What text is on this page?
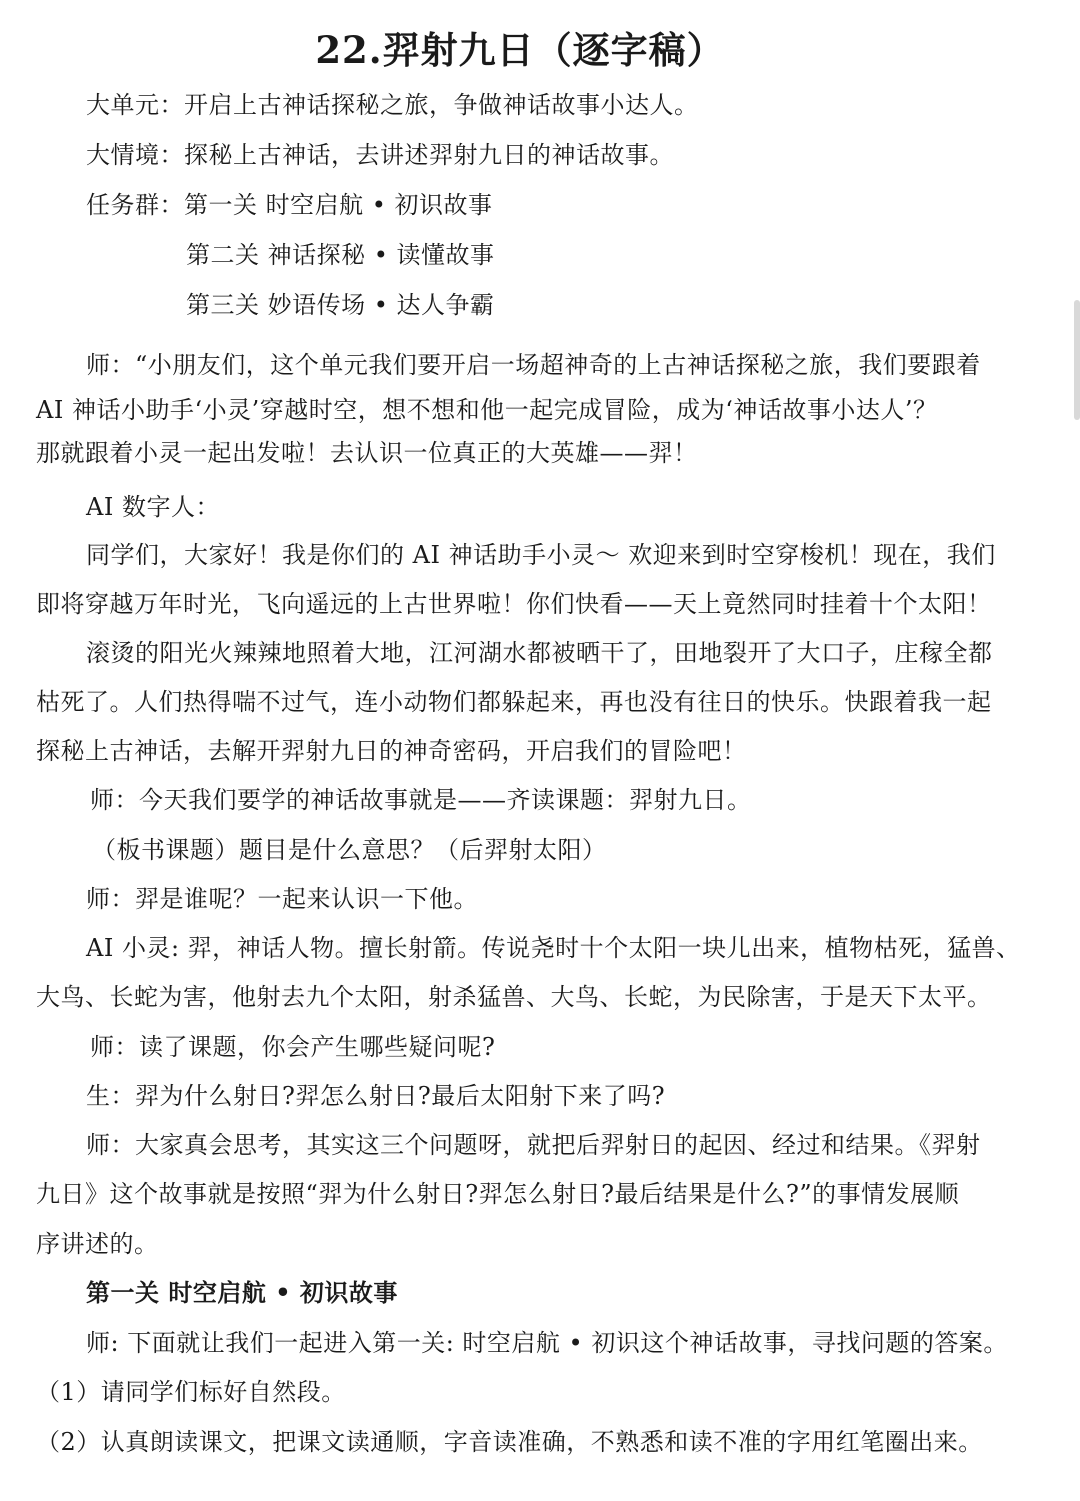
22.羿射九日（逐字稿）
大单元：开启上古神话探秘之旅，争做神话故事小达人。
大情境：探秘上古神话，去讲述羿射九日的神话故事。
任务群：第一关 时空启航 • 初识故事
第二关 神话探秘 • 读懂故事
第三关 妙语传场 • 达人争霸
师：“小朋友们，这个单元我们要开启一场超神奇的上古神话探秘之旅，我们要跟着
AI 神话小助手‘小灵’穿越时空，想不想和他一起完成冒险，成为‘神话故事小达人’？
那就跟着小灵一起出发啦！去认识一位真正的大英雄——羿！
AI 数字人：
同学们，大家好！我是你们的 AI 神话助手小灵～ 欢迎来到时空穿梭机！现在，我们
即将穿越万年时光，飞向遥远的上古世界啦！你们快看——天上竟然同时挂着十个太阳！
滚烫的阳光火辣辣地照着大地，江河湖水都被晒干了，田地裂开了大口子，庄稼全都
枯死了。人们热得喘不过气，连小动物们都躲起来，再也没有往日的快乐。快跟着我一起
探秘上古神话，去解开羿射九日的神奇密码，开启我们的冒险吧！
师：今天我们要学的神话故事就是——齐读课题：羿射九日。
（板书课题）题目是什么意思？（后羿射太阳）
师：羿是谁呢？一起来认识一下他。
AI 小灵: 羿，神话人物。擅长射箭。传说尧时十个太阳一块儿出来，植物枯死，猛兽、
大鸟、长蛇为害，他射去九个太阳，射杀猛兽、大鸟、长蛇，为民除害，于是天下太平。
师：读了课题，你会产生哪些疑问呢?
生：羿为什么射日?羿怎么射日?最后太阳射下来了吗?
师：大家真会思考，其实这三个问题呀，就把后羿射日的起因、经过和结果。《羿射
九日》这个故事就是按照“羿为什么射日?羿怎么射日?最后结果是什么?”的事情发展顺
序讲述的。
第一关 时空启航 • 初识故事
师: 下面就让我们一起进入第一关: 时空启航 • 初识这个神话故事，寻找问题的答案。
（1）请同学们标好自然段。
（2）认真朗读课文，把课文读通顺，字音读准确，不熟悉和读不准的字用红笔圈出来。
